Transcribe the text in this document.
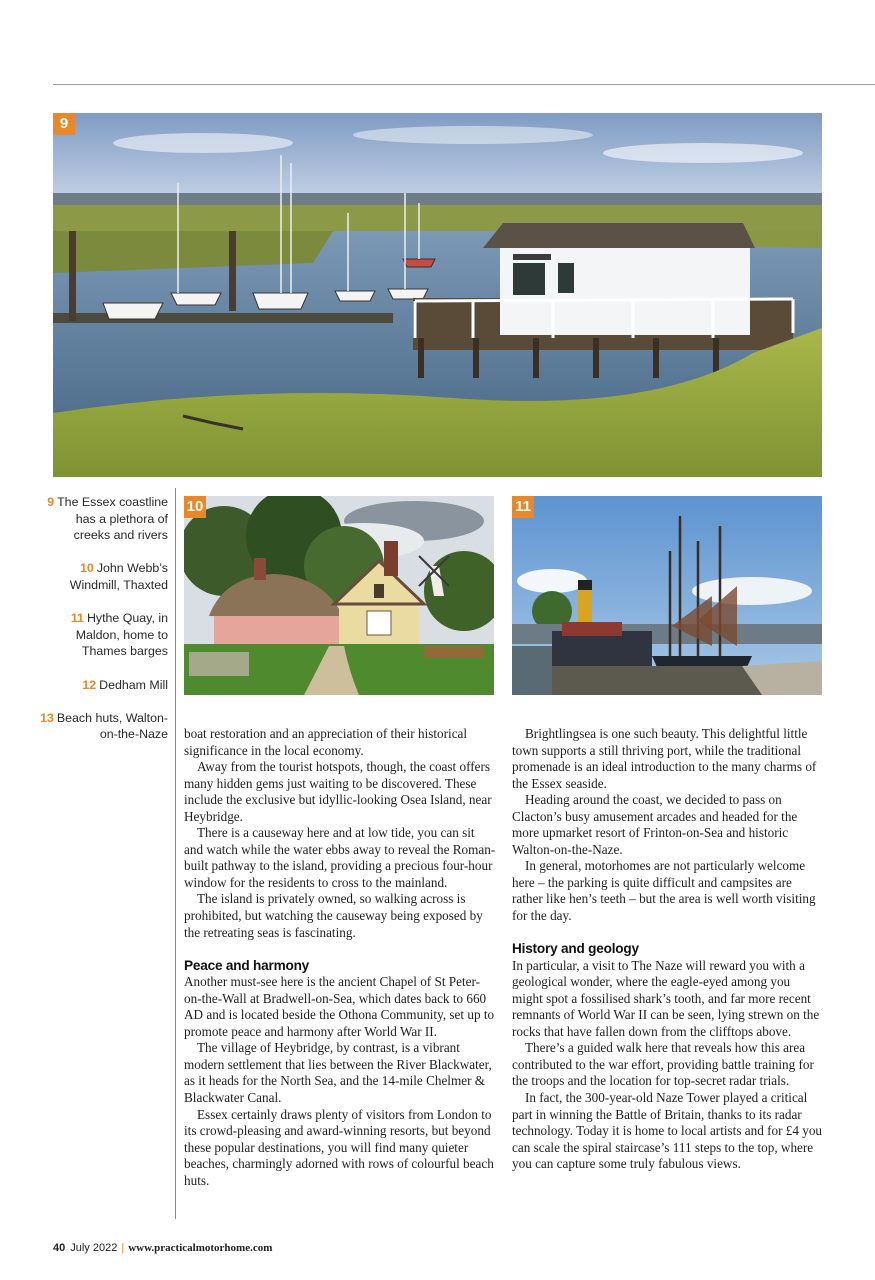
9
10	11
9 The Essex coastline has a plethora of creeks and rivers
10 John Webb’s Windmill, Thaxted
11 Hythe Quay, in Maldon, home to Thames barges
12 Dedham Mill
13 Beach huts, Walton-on-the-Naze boat restoration and an appreciation of their historical significance in the local economy.

Away from the tourist hotspots, though, the coast offers many hidden gems just waiting to be discovered. These include the exclusive but idyllic-looking Osea Island, near Heybridge.

There is a causeway here and at low tide, you can sit and watch while the water ebbs away to reveal the Roman-built pathway to the island, providing a precious four-hour window for the residents to cross to the mainland.

The island is privately owned, so walking across is prohibited, but watching the causeway being exposed by the retreating seas is fascinating.

Peace and harmony

Another must-see here is the ancient Chapel of St Peter-on-the-Wall at Bradwell-on-Sea, which dates back to 660 AD and is located beside the Othona Community, set up to promote peace and harmony after World War II.

The village of Heybridge, by contrast, is a vibrant modern settlement that lies between the River Blackwater, as it heads for the North Sea, and the 14-mile Chelmer & Blackwater Canal.

Essex certainly draws plenty of visitors from London to its crowd-pleasing and award-winning resorts, but beyond these popular destinations, you will find many quieter beaches, charmingly adorned with rows of colourful beach huts.

Brightlingsea is one such beauty. This delightful little town supports a still thriving port, while the traditional promenade is an ideal introduction to the many charms of the Essex seaside.

Heading around the coast, we decided to pass on Clacton’s busy amusement arcades and headed for the more upmarket resort of Frinton-on-Sea and historic Walton-on-the-Naze.

In general, motorhomes are not particularly welcome here – the parking is quite difficult and campsites are rather like hen’s teeth – but the area is well worth visiting for the day.

History and geology

In particular, a visit to The Naze will reward you with a geological wonder, where the eagle-eyed among you might spot a fossilised shark’s tooth, and far more recent remnants of World War II can be seen, lying strewn on the rocks that have fallen down from the clifftops above.

There’s a guided walk here that reveals how this area contributed to the war effort, providing battle training for the troops and the location for top-secret radar trials.

In fact, the 300-year-old Naze Tower played a critical part in winning the Battle of Britain, thanks to its radar technology. Today it is home to local artists and for £4 you can scale the spiral staircase’s 111 steps to the top, where you can capture some truly fabulous views.

40 July 2022 | www.practicalmotorhome.com
